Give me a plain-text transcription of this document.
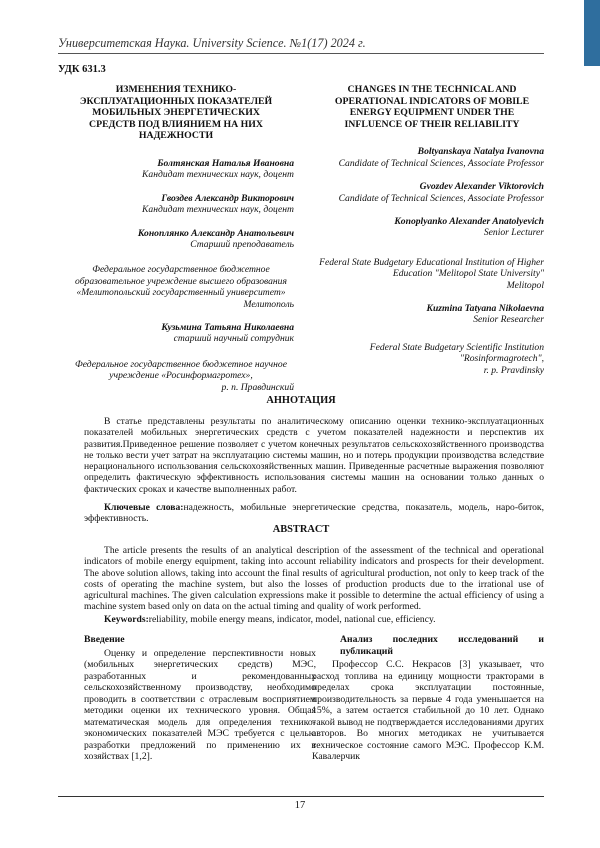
Университетская Наука. University Science. №1(17) 2024 г.
УДК 631.3
ИЗМЕНЕНИЯ ТЕХНИКО-ЭКСПЛУАТАЦИОННЫХ ПОКАЗАТЕЛЕЙ МОБИЛЬНЫХ ЭНЕРГЕТИЧЕСКИХ СРЕДСТВ ПОД ВЛИЯНИЕМ НА НИХ НАДЕЖНОСТИ
Болтянская Наталья Ивановна
Кандидат технических наук, доцент
Гвоздев Александр Викторович
Кандидат технических наук, доцент
Коноплянко Александр Анатольевич
Старший преподаватель
Федеральное государственное бюджетное образовательное учреждение высшего образования «Мелитопольский государственный университет»
Мелитополь
Кузьмина Татьяна Николаевна
старший научный сотрудник
Федеральное государственное бюджетное научное учреждение «Росинформагротех»,
р. п. Правдинский
CHANGES IN THE TECHNICAL AND OPERATIONAL INDICATORS OF MOBILE ENERGY EQUIPMENT UNDER THE INFLUENCE OF THEIR RELIABILITY
Boltyanskaya Natalya Ivanovna
Candidate of Technical Sciences, Associate Professor
Gvozdev Alexander Viktorovich
Candidate of Technical Sciences, Associate Professor
Konoplyanko Alexander Anatolyevich
Senior Lecturer
Federal State Budgetary Educational Institution of Higher Education "Melitopol State University"
Melitopol
Kuzmina Tatyana Nikolaevna
Senior Researcher
Federal State Budgetary Scientific Institution "Rosinformagrotech",
r. p. Pravdinsky
АННОТАЦИЯ
В статье представлены результаты по аналитическому описанию оценки технико-эксплуатационных показателей мобильных энергетических средств с учетом показателей надежности и перспектив их развития.Приведенное решение позволяет с учетом конечных результатов сельскохозяйственного производства не только вести учет затрат на эксплуатацию системы машин, но и потерь продукции производства вследствие нерационального использования сельскохозяйственных машин. Приведенные расчетные выражения позволяют определить фактическую эффективность использования системы машин на основании только данных о фактических сроках и качестве выполненных работ.
Ключевые слова:надежность, мобильные энергетические средства, показатель, модель, наро-биток, эффективность.
ABSTRACT
The article presents the results of an analytical description of the assessment of the technical and operational indicators of mobile energy equipment, taking into account reliability indicators and prospects for their development. The above solution allows, taking into account the final results of agricultural production, not only to keep track of the costs of operating the machine system, but also the losses of production products due to the irrational use of agricultural machines. The given calculation expressions make it possible to determine the actual efficiency of using a machine system based only on data on the actual timing and quality of work performed.
Keywords:reliability, mobile energy means, indicator, model, national cue, efficiency.
Введение
Оценку и определение перспективности новых (мобильных энергетических средств) МЭС, разработанных и рекомендованных сельскохозяйственному производству, необходимо проводить в соответствии с отраслевым восприятием методики оценки их технического уровня. Общая математическая модель для определения технико-экономических показателей МЭС требуется с целью разработки предложений по применению их в хозяйствах [1,2].
Анализ последних исследований и публикаций
Профессор С.С. Некрасов [3] указывает, что расход топлива на единицу мощности тракторами в пределах срока эксплуатации постоянные, производительность за первые 4 года уменьшается на 15%, а затем остается стабильной до 10 лет. Однако такой вывод не подтверждается исследованиями других авторов. Во многих методиках не учитывается техническое состояние самого МЭС. Профессор К.М. Кавалерчик
17
